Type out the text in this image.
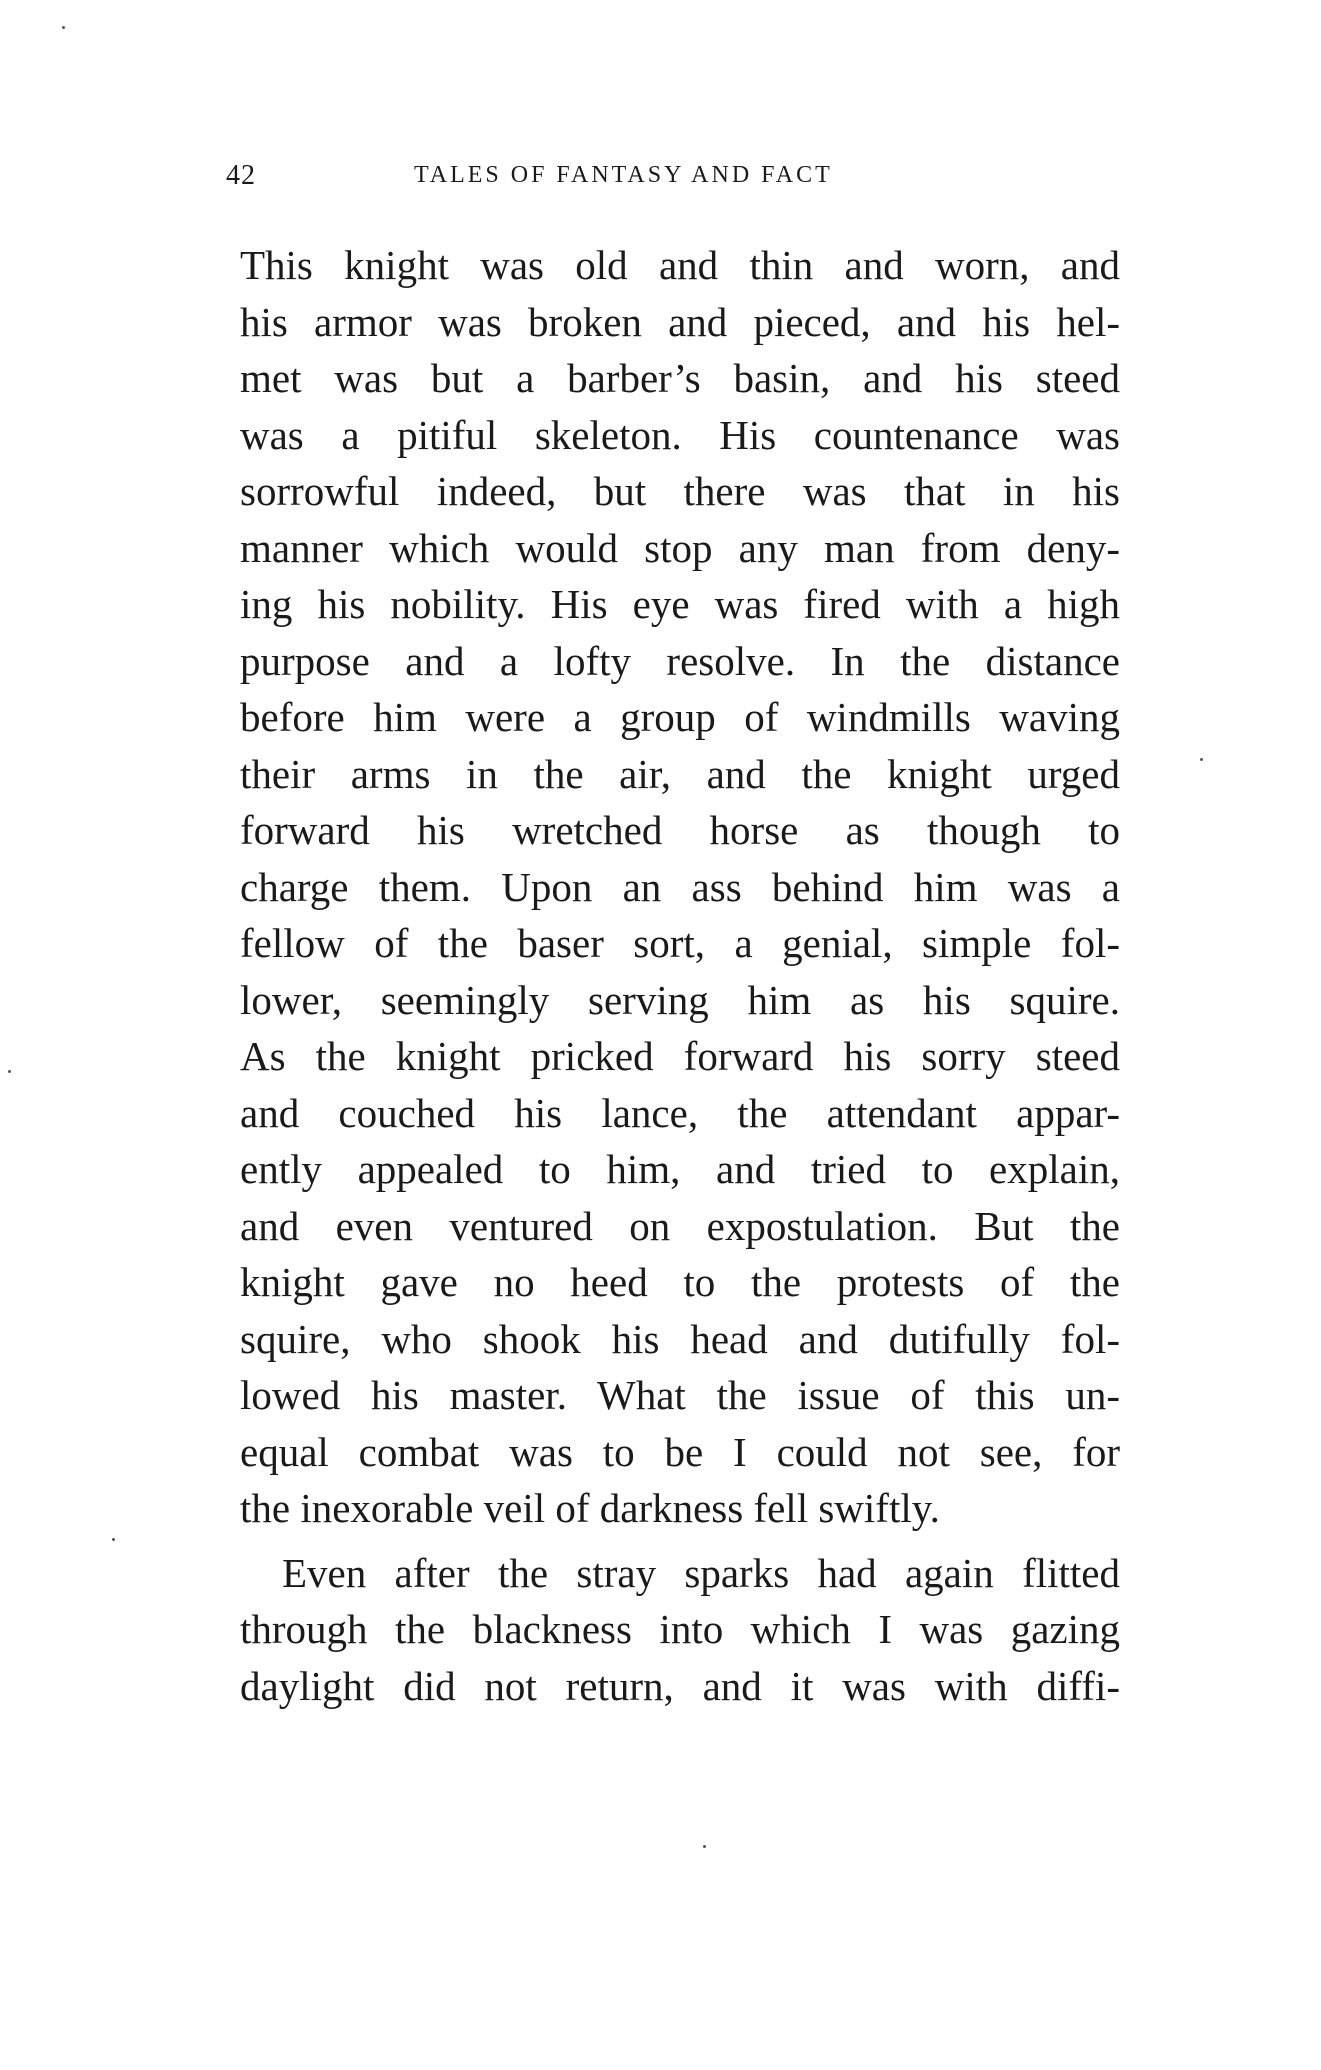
42	TALES OF FANTASY AND FACT
This knight was old and thin and worn, and
his armor was broken and pieced, and his hel-
met was but a barber’s basin, and his steed
was a pitiful skeleton. His countenance was
sorrowful indeed, but there was that in his
manner which would stop any man from deny-
ing his nobility. His eye was fired with a high
purpose and a lofty resolve. In the distance
before him were a group of windmills waving
their arms in the air, and the knight urged
forward his wretched horse as though to
charge them. Upon an ass behind him was a
fellow of the baser sort, a genial, simple fol-
lower, seemingly serving him as his squire.
As the knight pricked forward his sorry steed
and couched his lance, the attendant appar-
ently appealed to him, and tried to explain,
and even ventured on expostulation. But the
knight gave no heed to the protests of the
squire, who shook his head and dutifully fol-
lowed his master. What the issue of this un-
equal combat was to be I could not see, for
the inexorable veil of darkness fell swiftly.
Even after the stray sparks had again flitted
through the blackness into which I was gazing
daylight did not return, and it was with diffi-
